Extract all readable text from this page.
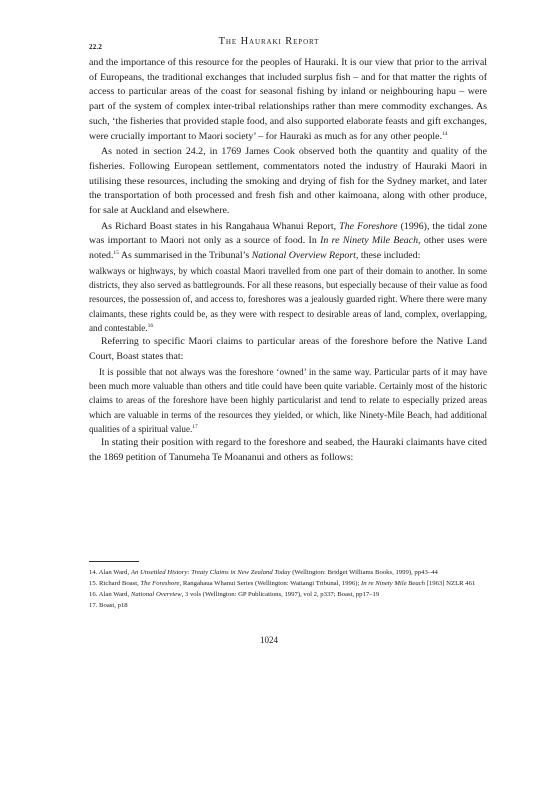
22.2	The Hauraki Report

and the importance of this resource for the peoples of Hauraki. It is our view that prior to the arrival of Europeans, the traditional exchanges that included surplus fish – and for that matter the rights of access to particular areas of the coast for seasonal fishing by inland or neighbouring hapu – were part of the system of complex inter-tribal relationships rather than mere commodity exchanges. As such, ‘the fisheries that provided staple food, and also supported elaborate feasts and gift exchanges, were crucially important to Maori society’ – for Hauraki as much as for any other people.$^{14}$

As noted in section 24.2, in 1769 James Cook observed both the quantity and quality of the fisheries. Following European settlement, commentators noted the industry of Hauraki Maori in utilising these resources, including the smoking and drying of fish for the Sydney market, and later the transportation of both processed and fresh fish and other kaimoana, along with other produce, for sale at Auckland and elsewhere.

As Richard Boast states in his Rangahaua Whanui Report, The Foreshore (1996), the tidal zone was important to Maori not only as a source of food. In In re Ninety Mile Beach, other uses were noted.$^{15}$ As summarised in the Tribunal’s National Overview Report, these included:

walkways or highways, by which coastal Maori travelled from one part of their domain to another. In some districts, they also served as battlegrounds. For all these reasons, but especially because of their value as food resources, the possession of, and access to, foreshores was a jealously guarded right. Where there were many claimants, these rights could be, as they were with respect to desirable areas of land, complex, overlapping, and contestable.$^{16}$

Referring to specific Maori claims to particular areas of the foreshore before the Native Land Court, Boast states that:

It is possible that not always was the foreshore ‘owned’ in the same way. Particular parts of it may have been much more valuable than others and title could have been quite variable. Certainly most of the historic claims to areas of the foreshore have been highly particularist and tend to relate to especially prized areas which are valuable in terms of the resources they yielded, or which, like Ninety-Mile Beach, had additional qualities of a spiritual value.$^{17}$

In stating their position with regard to the foreshore and seabed, the Hauraki claimants have cited the 1869 petition of Tanumeha Te Moananui and others as follows:

14. Alan Ward, An Unsettled History: Treaty Claims in New Zealand Today (Wellington: Bridget Williams Books, 1999), pp43–44
15. Richard Boast, The Foreshore, Rangahaua Whanui Series (Wellington: Waitangi Tribunal, 1996); In re Ninety Mile Beach [1963] NZLR 461
16. Alan Ward, National Overview, 3 vols (Wellington: GP Publications, 1997), vol 2, p337; Boast, pp17–19
17. Boast, p18
1024
